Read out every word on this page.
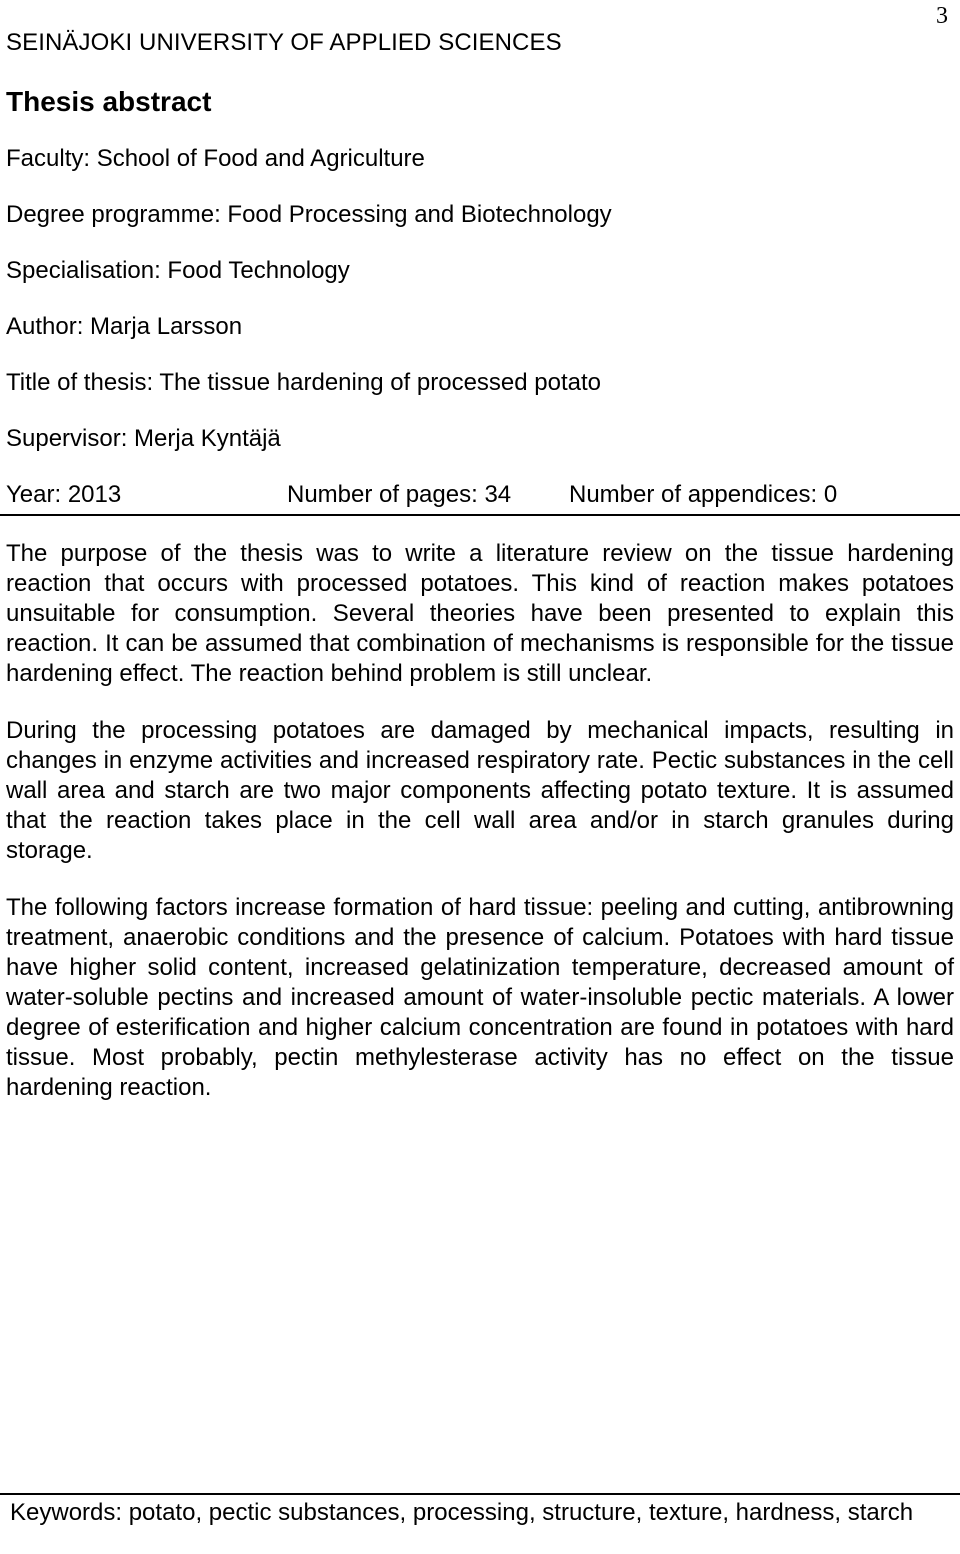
3
SEINÄJOKI UNIVERSITY OF APPLIED SCIENCES
Thesis abstract
Faculty: School of Food and Agriculture
Degree programme: Food Processing and Biotechnology
Specialisation: Food Technology
Author: Marja Larsson
Title of thesis: The tissue hardening of processed potato
Supervisor: Merja Kyntäjä
Year: 2013	Number of pages: 34 Number of appendices: 0

The purpose of the thesis was to write a literature review on the tissue hardening reaction that occurs with processed potatoes. This kind of reaction makes potatoes unsuitable for consumption. Several theories have been presented to explain this reaction. It can be assumed that combination of mechanisms is responsible for the tissue hardening effect. The reaction behind problem is still unclear.

During the processing potatoes are damaged by mechanical impacts, resulting in changes in enzyme activities and increased respiratory rate. Pectic substances in the cell wall area and starch are two major components affecting potato texture. It is assumed that the reaction takes place in the cell wall area and/or in starch granules during storage.

The following factors increase formation of hard tissue: peeling and cutting, antibrowning treatment, anaerobic conditions and the presence of calcium. Potatoes with hard tissue have higher solid content, increased gelatinization temperature, decreased amount of water-soluble pectins and increased amount of water-insoluble pectic materials. A lower degree of esterification and higher calcium concentration are found in potatoes with hard tissue. Most probably, pectin methylesterase activity has no effect on the tissue hardening reaction.

Keywords: potato, pectic substances, processing, structure, texture, hardness, starch
